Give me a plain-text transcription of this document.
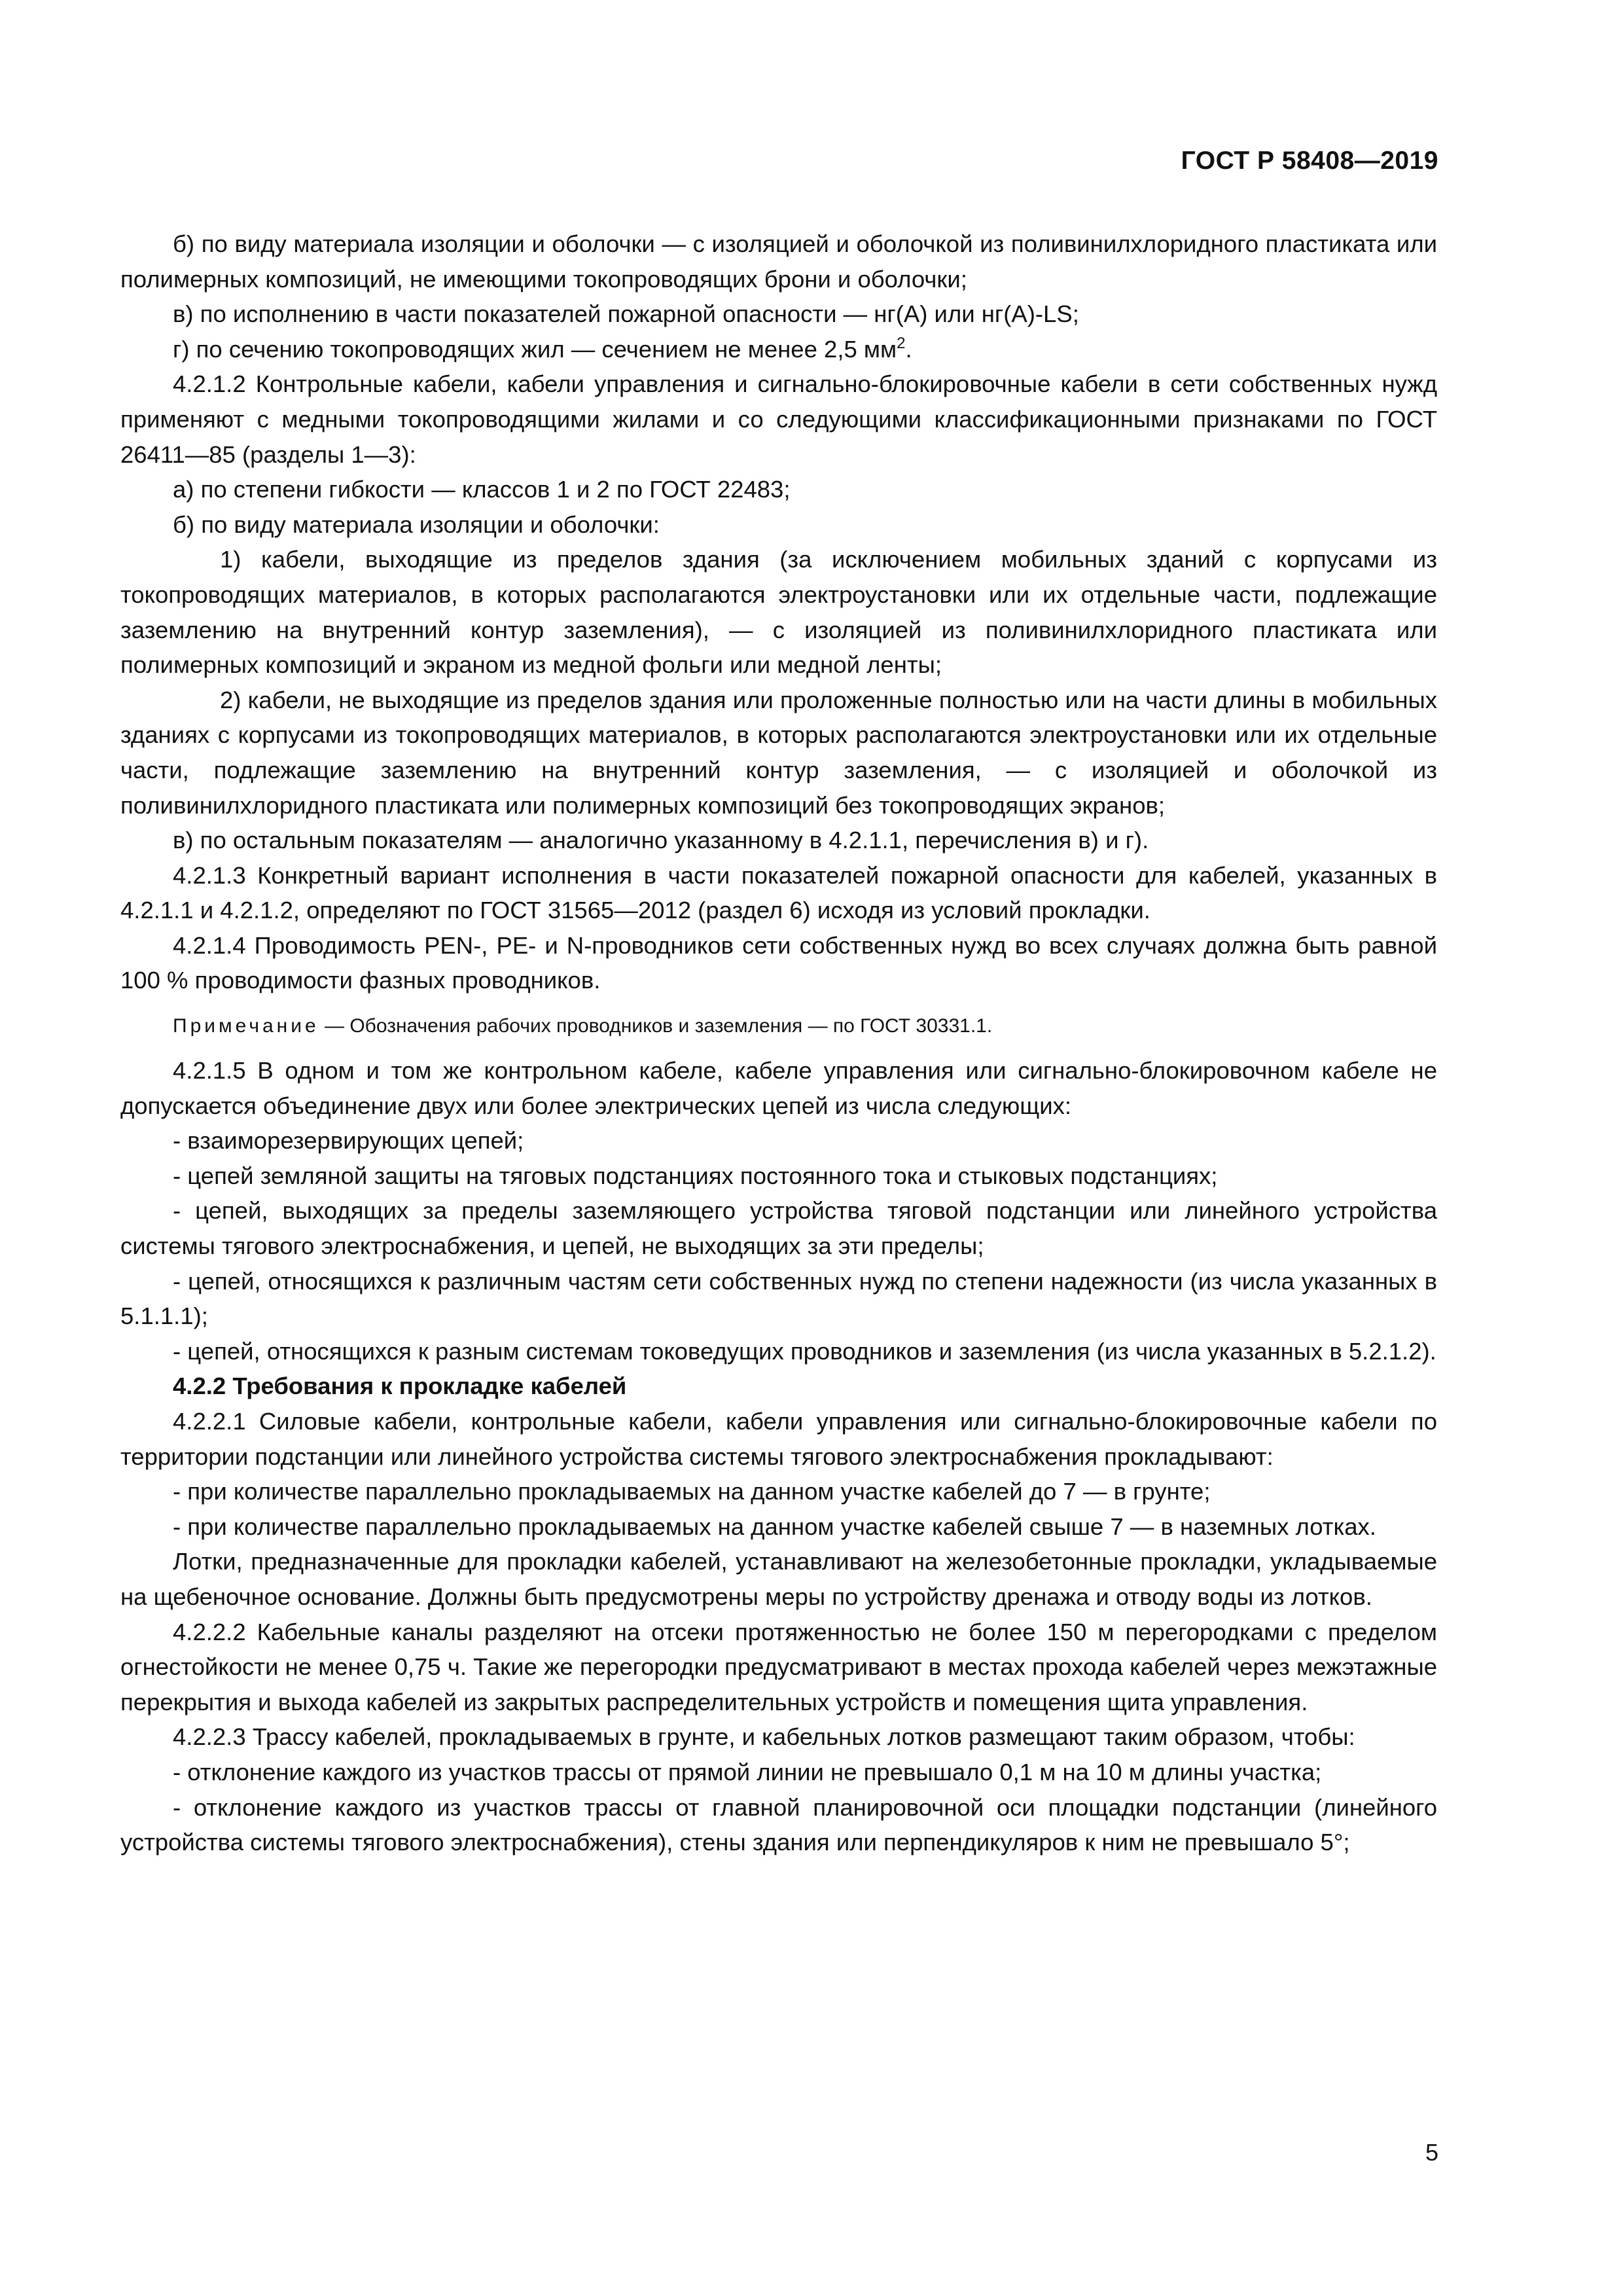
ГОСТ Р 58408—2019

б) по виду материала изоляции и оболочки — с изоляцией и оболочкой из поливинилхлоридного пластиката или полимерных композиций, не имеющими токопроводящих брони и оболочки;

в) по исполнению в части показателей пожарной опасности — нг(А) или нг(А)-LS;

г) по сечению токопроводящих жил — сечением не менее 2,5 $мм^2$.

4.2.1.2 Контрольные кабели, кабели управления и сигнально-блокировочные кабели в сети собственных нужд применяют с медными токопроводящими жилами и со следующими классификационными признаками по ГОСТ 26411—85 (разделы 1—3):

а) по степени гибкости — классов 1 и 2 по ГОСТ 22483;

б) по виду материала изоляции и оболочки:

1) кабели, выходящие из пределов здания (за исключением мобильных зданий с корпусами из токопроводящих материалов, в которых располагаются электроустановки или их отдельные части, подлежащие заземлению на внутренний контур заземления), — с изоляцией из поливинилхлоридного пластиката или полимерных композиций и экраном из медной фольги или медной ленты;

2) кабели, не выходящие из пределов здания или проложенные полностью или на части длины в мобильных зданиях с корпусами из токопроводящих материалов, в которых располагаются электроустановки или их отдельные части, подлежащие заземлению на внутренний контур заземления, — с изоляцией и оболочкой из поливинилхлоридного пластиката или полимерных композиций без токопроводящих экранов;

в) по остальным показателям — аналогично указанному в 4.2.1.1, перечисления в) и г).

4.2.1.3 Конкретный вариант исполнения в части показателей пожарной опасности для кабелей, указанных в 4.2.1.1 и 4.2.1.2, определяют по ГОСТ 31565—2012 (раздел 6) исходя из условий прокладки.

4.2.1.4 Проводимость PEN-, PE- и N-проводников сети собственных нужд во всех случаях должна быть равной 100 % проводимости фазных проводников.

Примечание — Обозначения рабочих проводников и заземления — по ГОСТ 30331.1.

4.2.1.5 В одном и том же контрольном кабеле, кабеле управления или сигнально-блокировочном кабеле не допускается объединение двух или более электрических цепей из числа следующих:

- взаиморезервирующих цепей;

- цепей земляной защиты на тяговых подстанциях постоянного тока и стыковых подстанциях;

- цепей, выходящих за пределы заземляющего устройства тяговой подстанции или линейного устройства системы тягового электроснабжения, и цепей, не выходящих за эти пределы;

- цепей, относящихся к различным частям сети собственных нужд по степени надежности (из числа указанных в 5.1.1.1);

- цепей, относящихся к разным системам токоведущих проводников и заземления (из числа указанных в 5.2.1.2).

4.2.2 Требования к прокладке кабелей

4.2.2.1 Силовые кабели, контрольные кабели, кабели управления или сигнально-блокировочные кабели по территории подстанции или линейного устройства системы тягового электроснабжения прокладывают:

- при количестве параллельно прокладываемых на данном участке кабелей до 7 — в грунте;

- при количестве параллельно прокладываемых на данном участке кабелей свыше 7 — в наземных лотках.

Лотки, предназначенные для прокладки кабелей, устанавливают на железобетонные прокладки, укладываемые на щебеночное основание. Должны быть предусмотрены меры по устройству дренажа и отводу воды из лотков.

4.2.2.2 Кабельные каналы разделяют на отсеки протяженностью не более 150 м перегородками с пределом огнестойкости не менее 0,75 ч. Такие же перегородки предусматривают в местах прохода кабелей через межэтажные перекрытия и выхода кабелей из закрытых распределительных устройств и помещения щита управления.

4.2.2.3 Трассу кабелей, прокладываемых в грунте, и кабельных лотков размещают таким образом, чтобы:

- отклонение каждого из участков трассы от прямой линии не превышало 0,1 м на 10 м длины участка;

- отклонение каждого из участков трассы от главной планировочной оси площадки подстанции (линейного устройства системы тягового электроснабжения), стены здания или перпендикуляров к ним не превышало 5°;

5
